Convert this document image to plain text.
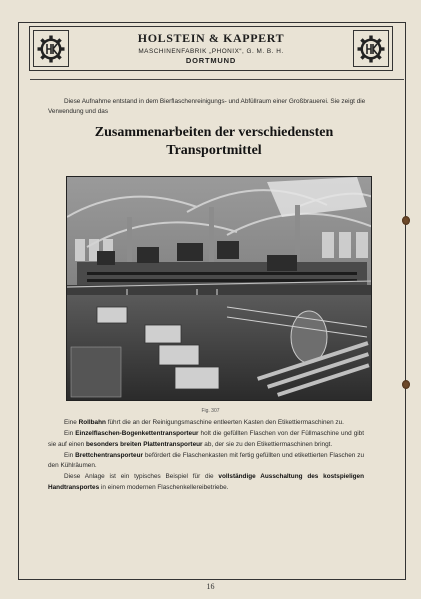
HOLSTEIN & KAPPERT
MASCHINENFABRIK „PHONIX“, G. M. B. H.
DORTMUND
Diese Aufnahme entstand in dem Bierflaschenreinigungs- und Abfüllraum einer Großbrauerei. Sie zeigt die Verwendung und das
Zusammenarbeiten der verschiedensten
Transportmittel
Fig. 307

Eine Rollbahn führt die an der Reinigungsmaschine entleerten Kasten den Etikettiermaschinen zu.

Ein Einzelflaschen-Bogenkettentransporteur holt die gefüllten Flaschen von der Füllmaschine und gibt sie auf einen besonders breiten Plattentransporteur ab, der sie zu den Etikettiermaschinen bringt.

Ein Brettchentransporteur befördert die Flaschenkasten mit fertig gefüllten und etikettierten Flaschen zu den Kühlräumen.

Diese Anlage ist ein typisches Beispiel für die vollständige Ausschaltung des kostspieligen Handtransportes in einem modernen Flaschenkellereibetriebe.

16
